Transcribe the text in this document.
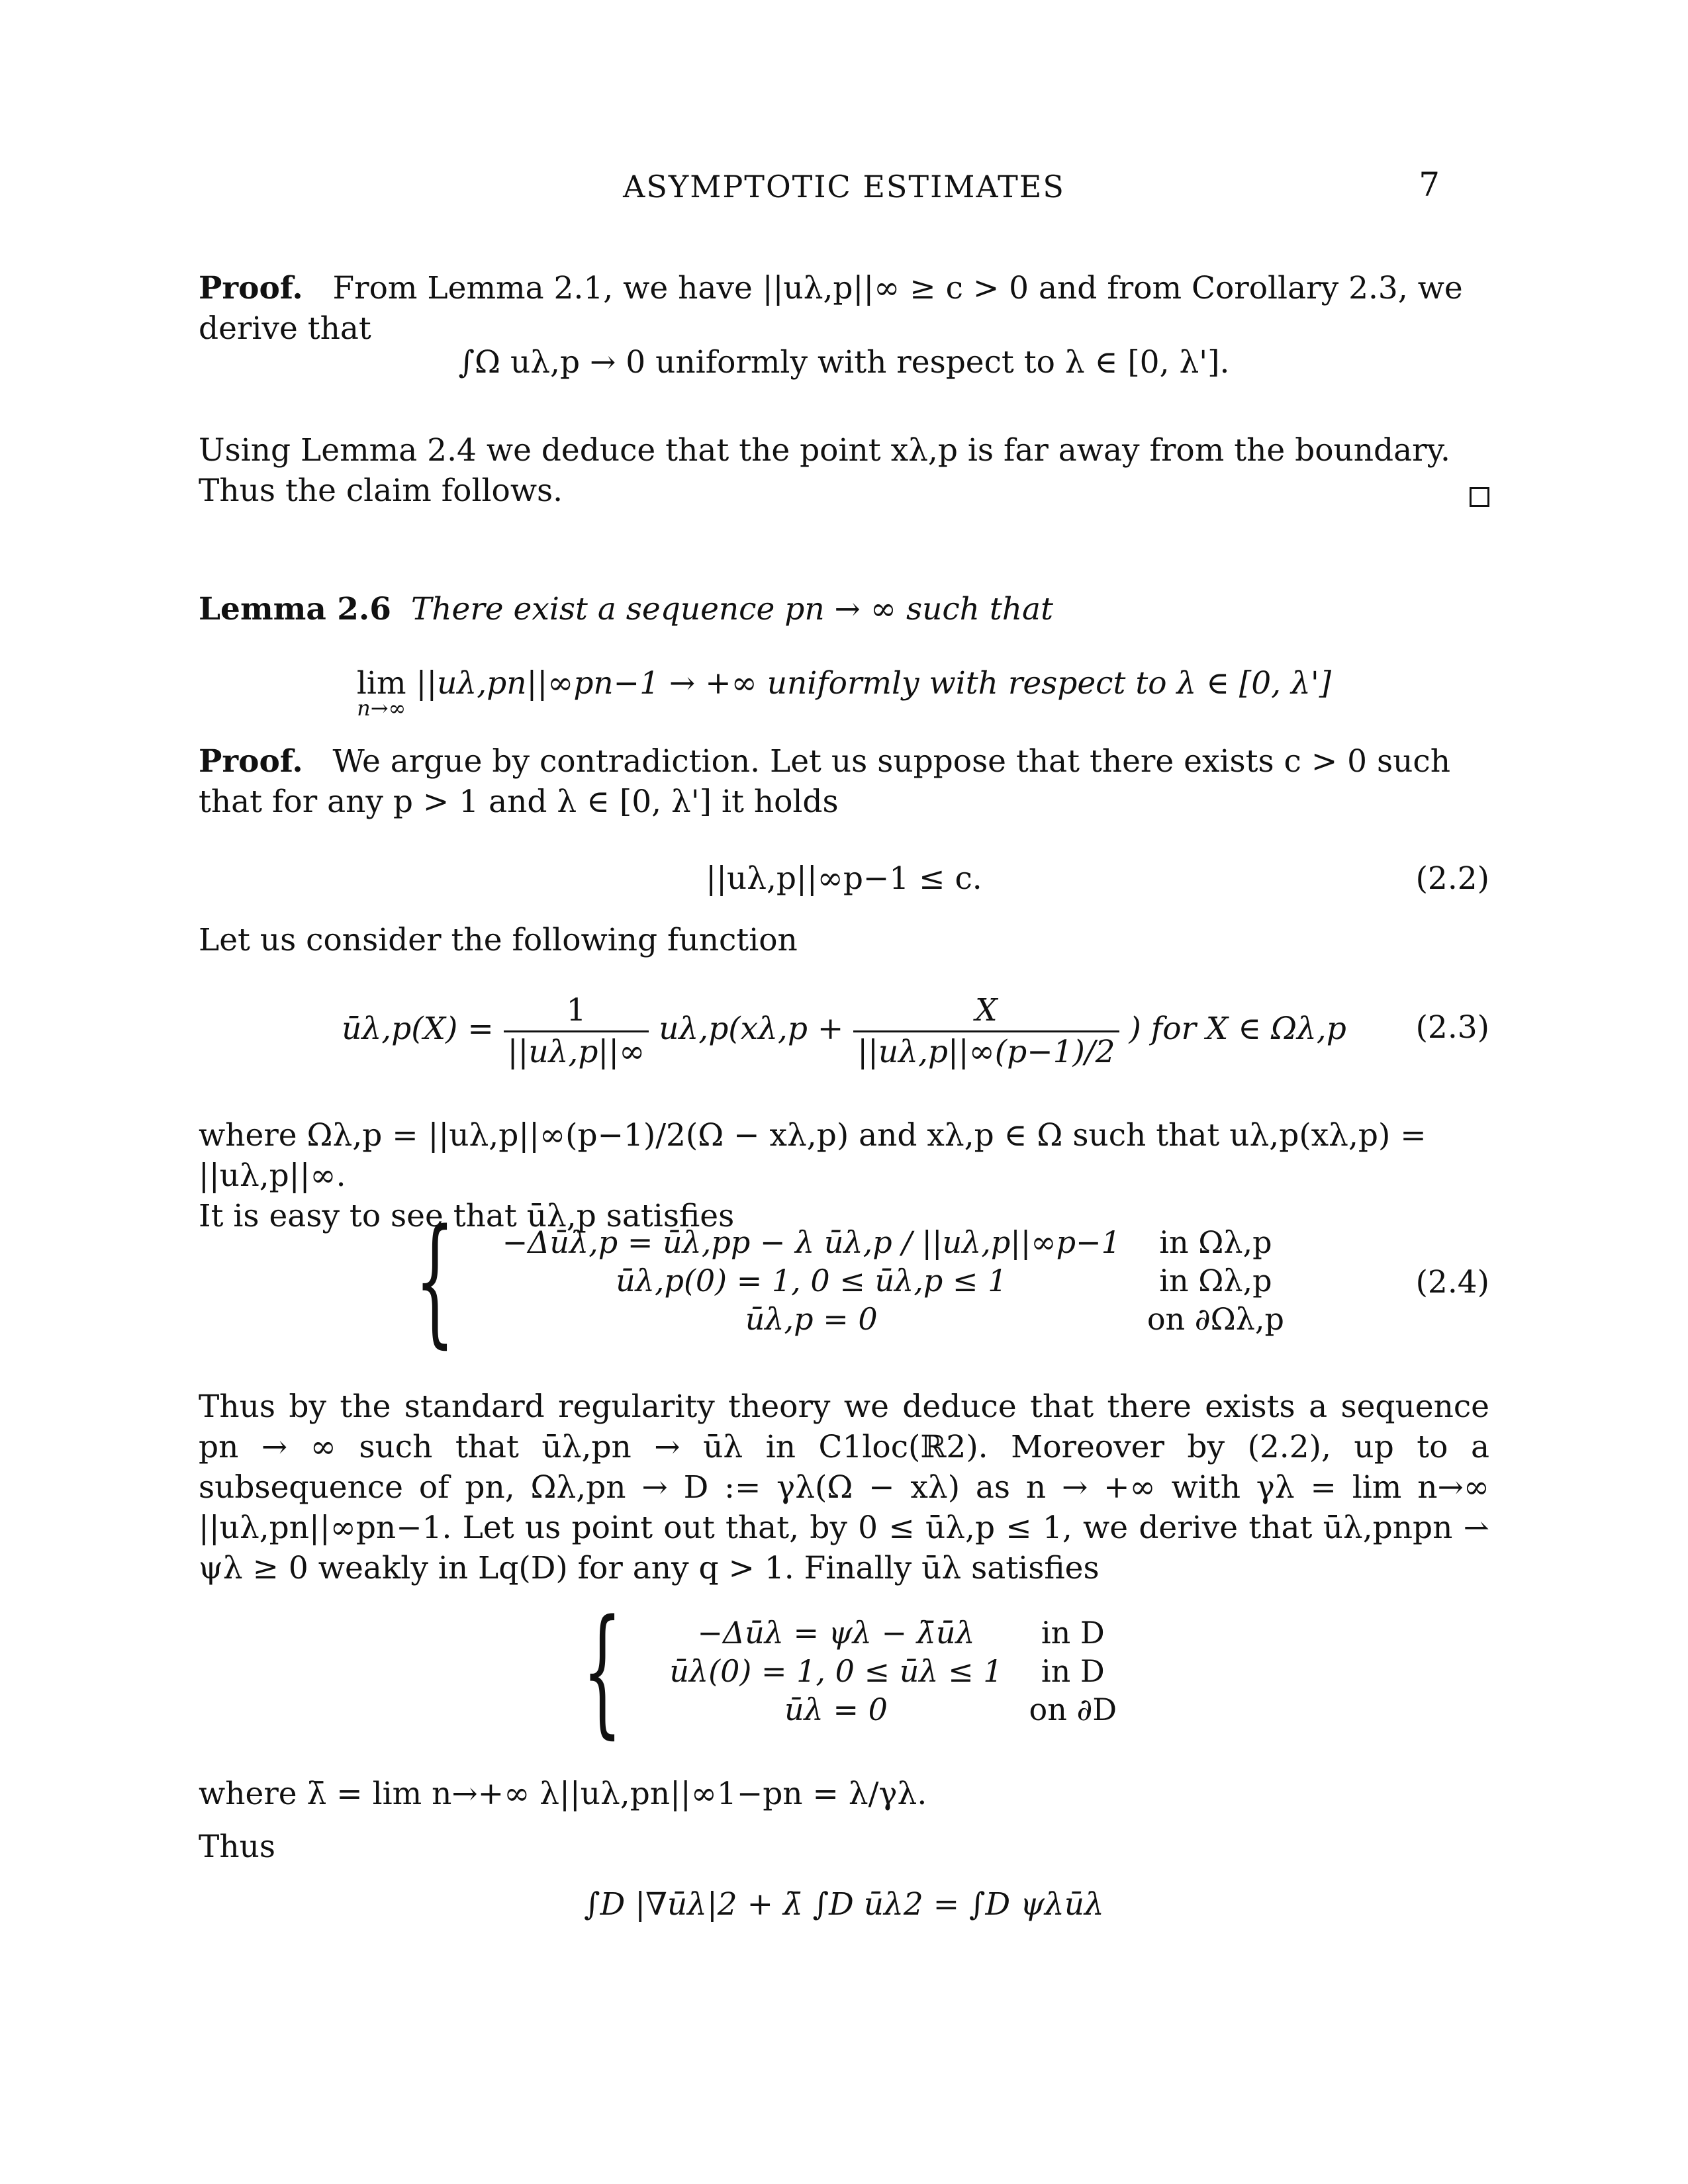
ASYMPTOTIC ESTIMATES	7
Proof. From Lemma 2.1, we have ||uλ,p||∞ ≥ c > 0 and from Corollary 2.3, we derive that
∫Ω uλ,p → 0 uniformly with respect to λ ∈ [0, λ'].
Using Lemma 2.4 we deduce that the point xλ,p is far away from the boundary. Thus the claim follows.
Lemma 2.6 There exist a sequence pn → ∞ such that
lim
n→∞
||uλ,pn||∞pn−1 → +∞ uniformly with respect to λ ∈ [0, λ']
Proof. We argue by contradiction. Let us suppose that there exists c > 0 such that for any p > 1 and λ ∈ [0, λ'] it holds
||uλ,p||∞p−1 ≤ c.	(2.2)
Let us consider the following function
ūλ,p(X) = $\frac{1}{||u\lambda,p||\infty} u\lambda,p(x\lambda,p + \frac{X}{||u\lambda,p||\infty(p-1)/2}$ ) for X ∈ Ωλ,p	(2.3)
where Ωλ,p = ||uλ,p||∞(p−1)/2(Ω − xλ,p) and xλ,p ∈ Ω such that uλ,p(xλ,p) = ||uλ,p||∞.
It is easy to see that ūλ,p satisfies
{ −Δūλ,p = ūλ,pp − λ ūλ,p / ||uλ,p||∞p−1	in Ωλ,p
ūλ,p(0) = 1, 0 ≤ ūλ,p ≤ 1	in Ωλ,p
ūλ,p = 0	on ∂Ωλ,p
(2.4)
Thus by the standard regularity theory we deduce that there exists a sequence pn → ∞ such that ūλ,pn → ūλ in C1loc(ℝ2). Moreover by (2.2), up to a subsequence of pn, Ωλ,pn → D := γλ(Ω − xλ) as n → +∞ with γλ = lim n→∞ ||uλ,pn||∞pn−1. Let us point out that, by 0 ≤ ūλ,p ≤ 1, we derive that ūλ,pnpn ⇀ ψλ ≥ 0 weakly in Lq(D) for any q > 1. Finally ūλ satisfies
{ −Δūλ = ψλ − λ̄ūλ	in D
ūλ(0) = 1, 0 ≤ ūλ ≤ 1	in D
ūλ = 0	on ∂D
where λ̄ = lim n→+∞ λ||uλ,pn||∞1−pn = λ/γλ.
Thus
∫D |∇ūλ|2 + λ̄ ∫D ūλ2 = ∫D ψλūλ
